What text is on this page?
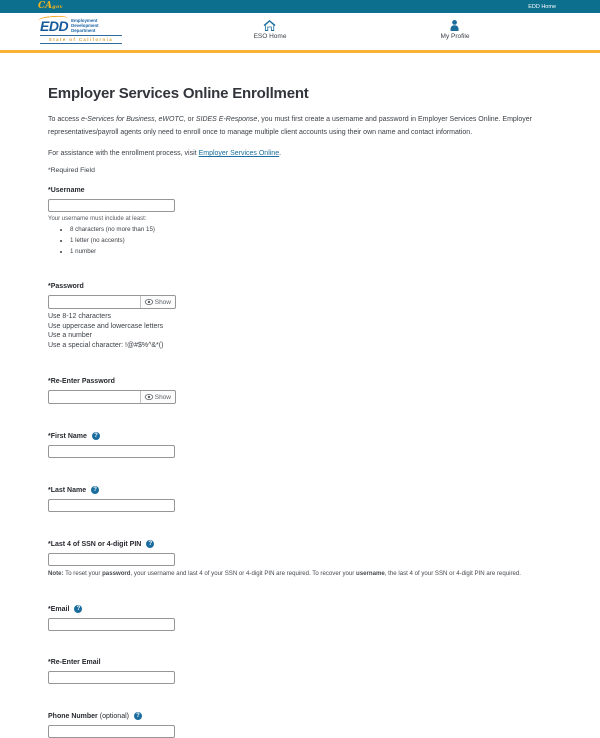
CAgov	EDD Home
EDD Employment
Development
Department
State of California	ESO Home	My Profile
Employer Services Online Enrollment

To access e-Services for Business, eWOTC, or SIDES E-Response, you must first create a username and password in Employer Services Online. Employer representatives/payroll agents only need to enroll once to manage multiple client accounts using their own name and contact information.

For assistance with the enrollment process, visit Employer Services Online.

*Required Field

*Username
Your username must include at least:
• 8 characters (no more than 15)
• 1 letter (no accents)
• 1 number
*Password
Show

Use 8-12 characters

Use uppercase and lowercase letters

Use a number

Use a special character: !@#$%^&*()

*Re-Enter Password
Show
*First Name	?
*Last Name	?
*Last 4 of SSN or 4-digit PIN	?

Note: To reset your password, your username and last 4 of your SSN or 4-digit PIN are required. To recover your username, the last 4 of your SSN or 4-digit PIN are required.

*Email	?
*Re-Enter Email
Phone Number (optional)	?
